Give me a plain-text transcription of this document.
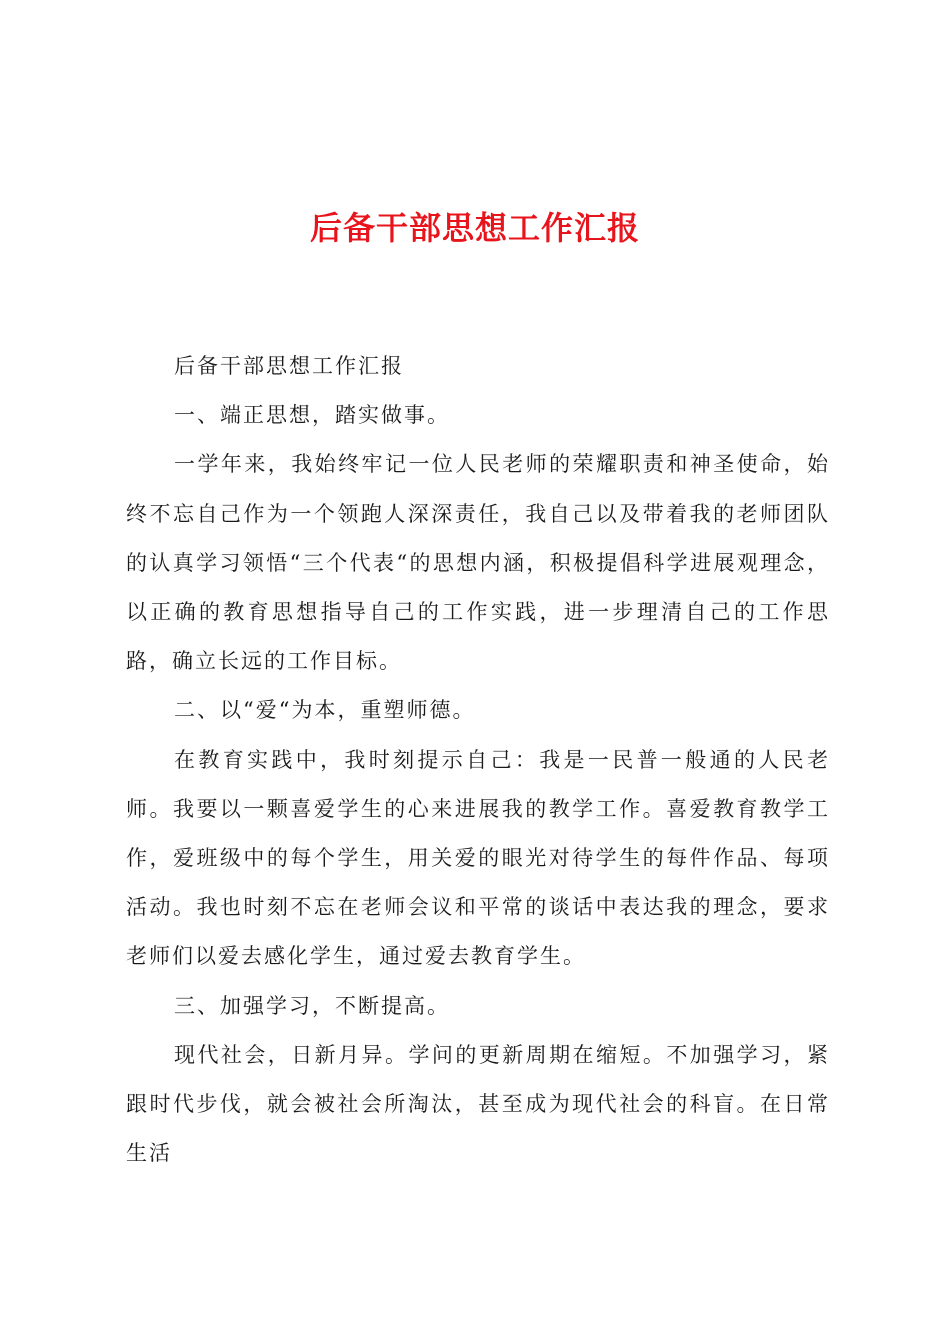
后备干部思想工作汇报

后备干部思想工作汇报

一、端正思想，踏实做事。

一学年来，我始终牢记一位人民老师的荣耀职责和神圣使命，始终不忘自己作为一个领跑人深深责任，我自己以及带着我的老师团队的认真学习领悟“三个代表“的思想内涵，积极提倡科学进展观理念，以正确的教育思想指导自己的工作实践，进一步理清自己的工作思路，确立长远的工作目标。

二、以“爱“为本，重塑师德。

在教育实践中，我时刻提示自己：我是一民普一般通的人民老师。我要以一颗喜爱学生的心来进展我的教学工作。喜爱教育教学工作，爱班级中的每个学生，用关爱的眼光对待学生的每件作品、每项活动。我也时刻不忘在老师会议和平常的谈话中表达我的理念，要求老师们以爱去感化学生，通过爱去教育学生。

三、加强学习，不断提高。

现代社会，日新月异。学问的更新周期在缩短。不加强学习，紧跟时代步伐，就会被社会所淘汰，甚至成为现代社会的科盲。在日常生活
